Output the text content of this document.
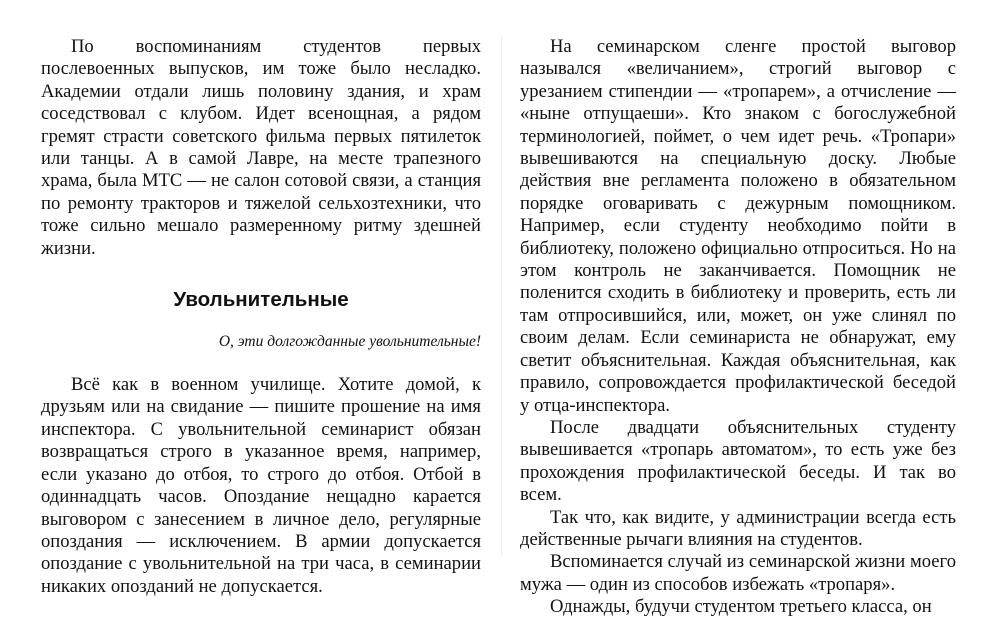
По воспоминаниям студентов первых послевоенных выпусков, им тоже было несладко. Академии отдали лишь половину здания, и храм соседствовал с клубом. Идет всенощная, а рядом гремят страсти советского фильма первых пятилеток или танцы. А в самой Лавре, на месте трапезного храма, была МТС — не салон сотовой связи, а станция по ремонту тракторов и тяжелой сельхозтехники, что тоже сильно мешало размеренному ритму здешней жизни.

Увольнительные
О, эти долгожданные увольнительные!

Всё как в военном училище. Хотите домой, к друзьям или на свидание — пишите прошение на имя инспектора. С увольнительной семинарист обязан возвращаться строго в указанное время, например, если указано до отбоя, то строго до отбоя. Отбой в одиннадцать часов. Опоздание нещадно карается выговором с занесением в личное дело, регулярные опоздания — исключением. В армии допускается опоздание с увольнительной на три часа, в семинарии никаких опозданий не допускается.

На семинарском сленге простой выговор назывался «величанием», строгий выговор с урезанием стипендии — «тропарем», а отчисление — «ныне отпущаеши». Кто знаком с богослужебной терминологией, поймет, о чем идет речь. «Тропари» вывешиваются на специальную доску. Любые действия вне регламента положено в обязательном порядке оговаривать с дежурным помощником. Например, если студенту необходимо пойти в библиотеку, положено официально отпроситься. Но на этом контроль не заканчивается. Помощник не поленится сходить в библиотеку и проверить, есть ли там отпросившийся, или, может, он уже слинял по своим делам. Если семинариста не обнаружат, ему светит объяснительная. Каждая объяснительная, как правило, сопровождается профилактической беседой у отца-инспектора.

После двадцати объяснительных студенту вывешивается «тропарь автоматом», то есть уже без прохождения профилактической беседы. И так во всем.

Так что, как видите, у администрации всегда есть действенные рычаги влияния на студентов.

Вспоминается случай из семинарской жизни моего мужа — один из способов избежать «тропаря».

Однажды, будучи студентом третьего класса, он
